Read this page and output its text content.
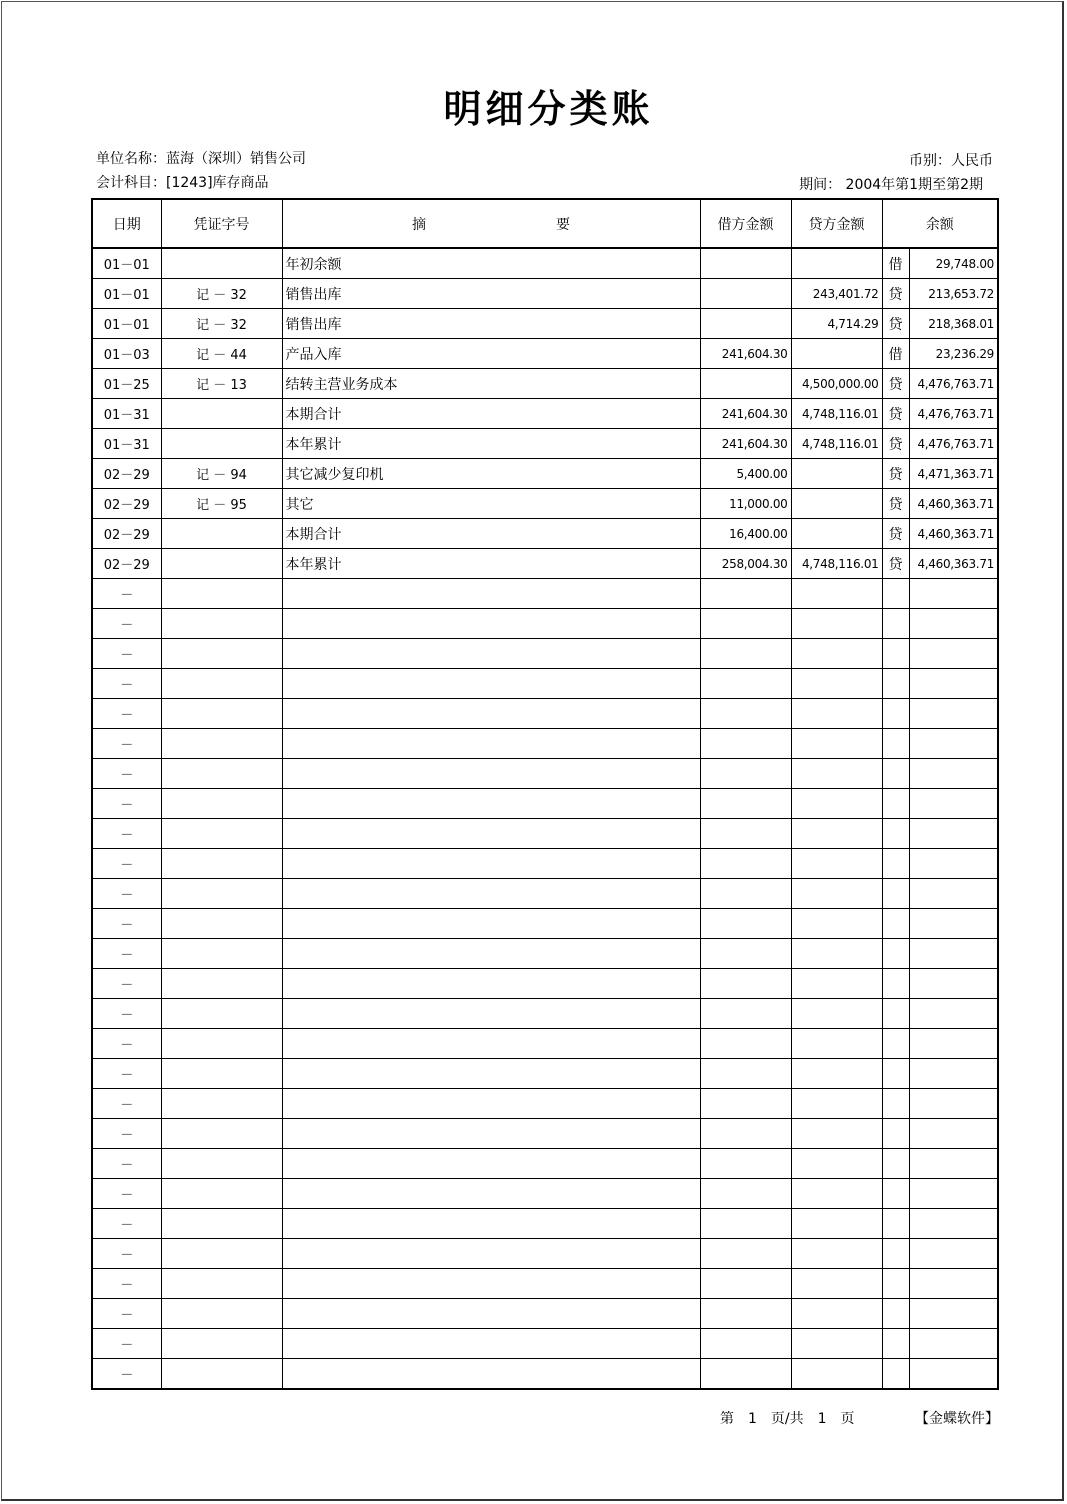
明细分类账
单位名称：蓝海（深圳）销售公司
会计科目：[1243]库存商品
币别：人民币
期间： 2004年第1期至第2期
日期	凭证字号	摘 要	借方金额	贷方金额	余额	
01－01		年初余额			借	29,748.00
01－01	记 － 32	销售出库		243,401.72	贷	213,653.72
01－01	记 － 32	销售出库		4,714.29	贷	218,368.01
01－03	记 － 44	产品入库	241,604.30		借	23,236.29
01－25	记 － 13	结转主营业务成本		4,500,000.00	贷	4,476,763.71
01－31		本期合计	241,604.30	4,748,116.01	贷	4,476,763.71
01－31		本年累计	241,604.30	4,748,116.01	贷	4,476,763.71
02－29	记 － 94	其它减少复印机	5,400.00		贷	4,471,363.71
02－29	记 － 95	其它	11,000.00		贷	4,460,363.71
02－29		本期合计	16,400.00		贷	4,460,363.71
02－29		本年累计	258,004.30	4,748,116.01	贷	4,460,363.71
－						
－						
－						
－						
－						
－						
－						
－						
－						
－						
－						
－						
－						
－						
－						
－						
－						
－						
－						
－						
－						
－						
－						
－						
－						
－						
－						
第　1　页/共　1　页	【金蝶软件】
